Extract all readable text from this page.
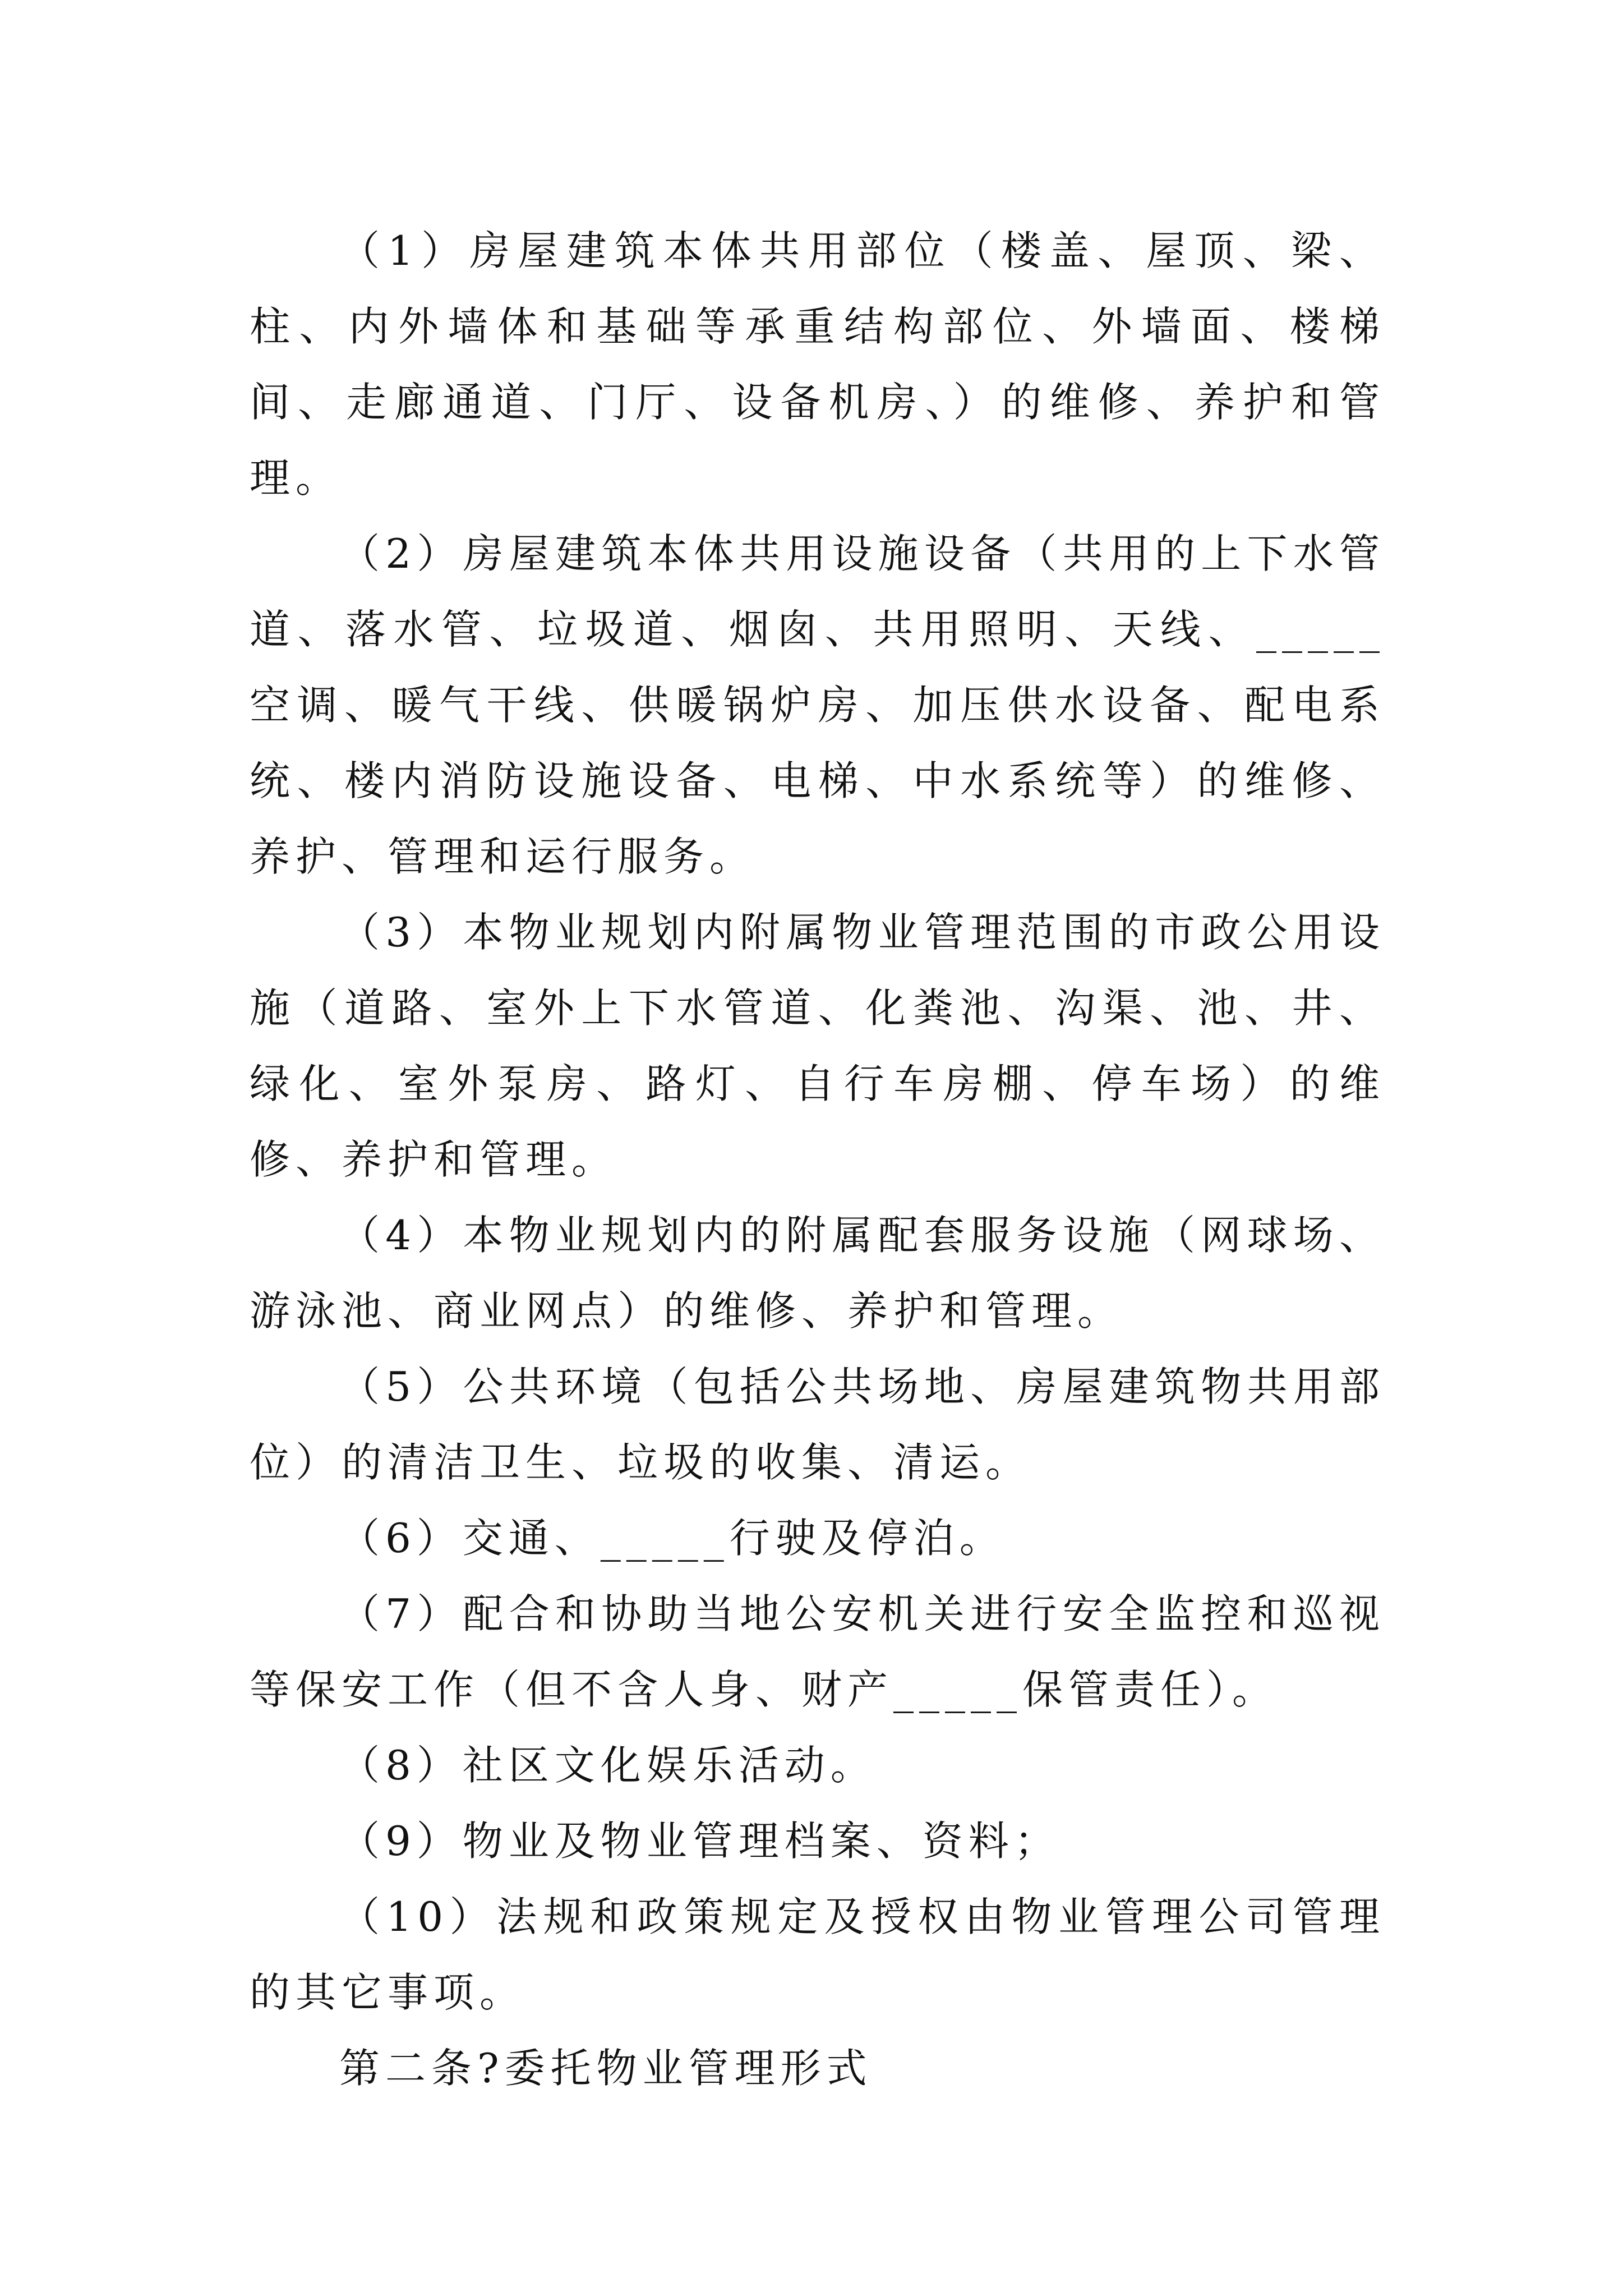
（1）房屋建筑本体共用部位（楼盖、屋顶、梁、柱、内外墙体和基础等承重结构部位、外墙面、楼梯间、走廊通道、门厅、设备机房、）的维修、养护和管理。

（2）房屋建筑本体共用设施设备（共用的上下水管道、落水管、垃圾道、烟囱、共用照明、天线、_____空调、暖气干线、供暖锅炉房、加压供水设备、配电系统、楼内消防设施设备、电梯、中水系统等）的维修、养护、管理和运行服务。

（3）本物业规划内附属物业管理范围的市政公用设施（道路、室外上下水管道、化粪池、沟渠、池、井、绿化、室外泵房、路灯、自行车房棚、停车场）的维修、养护和管理。

（4）本物业规划内的附属配套服务设施（网球场、游泳池、商业网点）的维修、养护和管理。

（5）公共环境（包括公共场地、房屋建筑物共用部位）的清洁卫生、垃圾的收集、清运。

（6）交通、_____行驶及停泊。

（7）配合和协助当地公安机关进行安全监控和巡视等保安工作（但不含人身、财产_____保管责任）。

（8）社区文化娱乐活动。

（9）物业及物业管理档案、资料；

（10）法规和政策规定及授权由物业管理公司管理的其它事项。

第二条?委托物业管理形式
